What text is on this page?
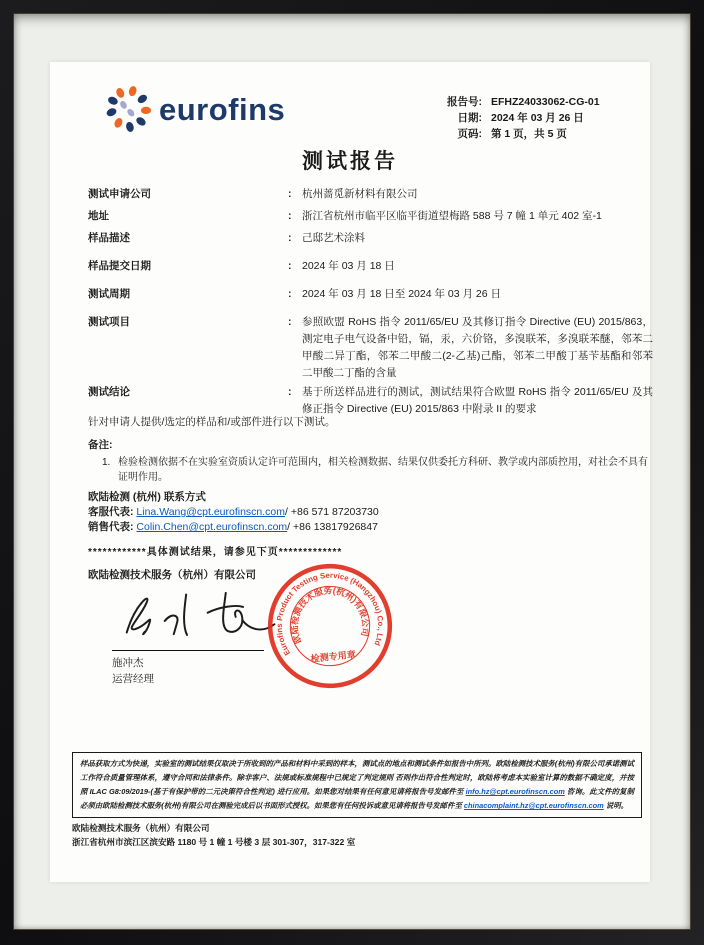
eurofins	报告号: EFHZ24033062-CG-01
日期: 2024 年 03 月 26 日
页码: 第 1 页，共 5 页
测试报告
测试申请公司	:	杭州蔷觅新材料有限公司
地址	:	浙江省杭州市临平区临平街道望梅路 588 号 7 幢 1 单元 402 室-1
样品描述	:	己邸艺术涂料
样品提交日期	:	2024 年 03 月 18 日
测试周期	:	2024 年 03 月 18 日至 2024 年 03 月 26 日
测试项目	:	参照欧盟 RoHS 指令 2011/65/EU 及其修订指令 Directive (EU) 2015/863，测定电子电气设备中铅，镉，汞，六价铬，多溴联苯，多溴联苯醚，邻苯二甲酸二异丁酯，邻苯二甲酸二(2-乙基)己酯，邻苯二甲酸丁基苄基酯和邻苯二甲酸二丁酯的含量
测试结论	:	基于所送样品进行的测试，测试结果符合欧盟 RoHS 指令 2011/65/EU 及其修正指令 Directive (EU) 2015/863 中附录 II 的要求
针对申请人提供/选定的样品和/或部件进行以下测试。
备注:
1. 检验检测依据不在实验室资质认定许可范围内，相关检测数据、结果仅供委托方科研、教学或内部质控用，对社会不具有证明作用。
欧陆检测 (杭州) 联系方式
客服代表: Lina.Wang@cpt.eurofinscn.com/ +86 571 87203730
销售代表: Colin.Chen@cpt.eurofinscn.com/ +86 13817926847
************具体测试结果，请参见下页*************
欧陆检测技术服务（杭州）有限公司
施冲杰
运营经理
Eurofins Product Testing Service (Hangzhou) Co., Ltd
欧陆检测技术服务(杭州)有限公司
检测专用章
样品获取方式为快递，实验室的测试结果仅取决于所收到的产品和材料中采到的样本，测试点的地点和测试条件如报告中所列。欧陆检测技术服务(杭州)有限公司承诺测试工作符合质量管理体系，遵守合同和法律条件。除非客户、法规或标准规程中已规定了判定规则 否则作出符合性判定时，欧陆将考虑本实验室计算的数据不确定度，并按照 ILAC G8:09/2019-(基于有保护带的二元决策符合性判定) 进行应用。如果您对结果有任何意见请将报告号发邮件至 info.hz@cpt.eurofinscn.com 咨询。此文件的复制必须由欧陆检测技术服务(杭州)有限公司在测验完成后以书面形式授权。如果您有任何投诉或意见请将报告号发邮件至 chinacomplaint.hz@cpt.eurofinscn.com 说明。
欧陆检测技术服务（杭州）有限公司
浙江省杭州市滨江区滨安路 1180 号 1 幢 1 号楼 3 层 301-307，317-322 室
